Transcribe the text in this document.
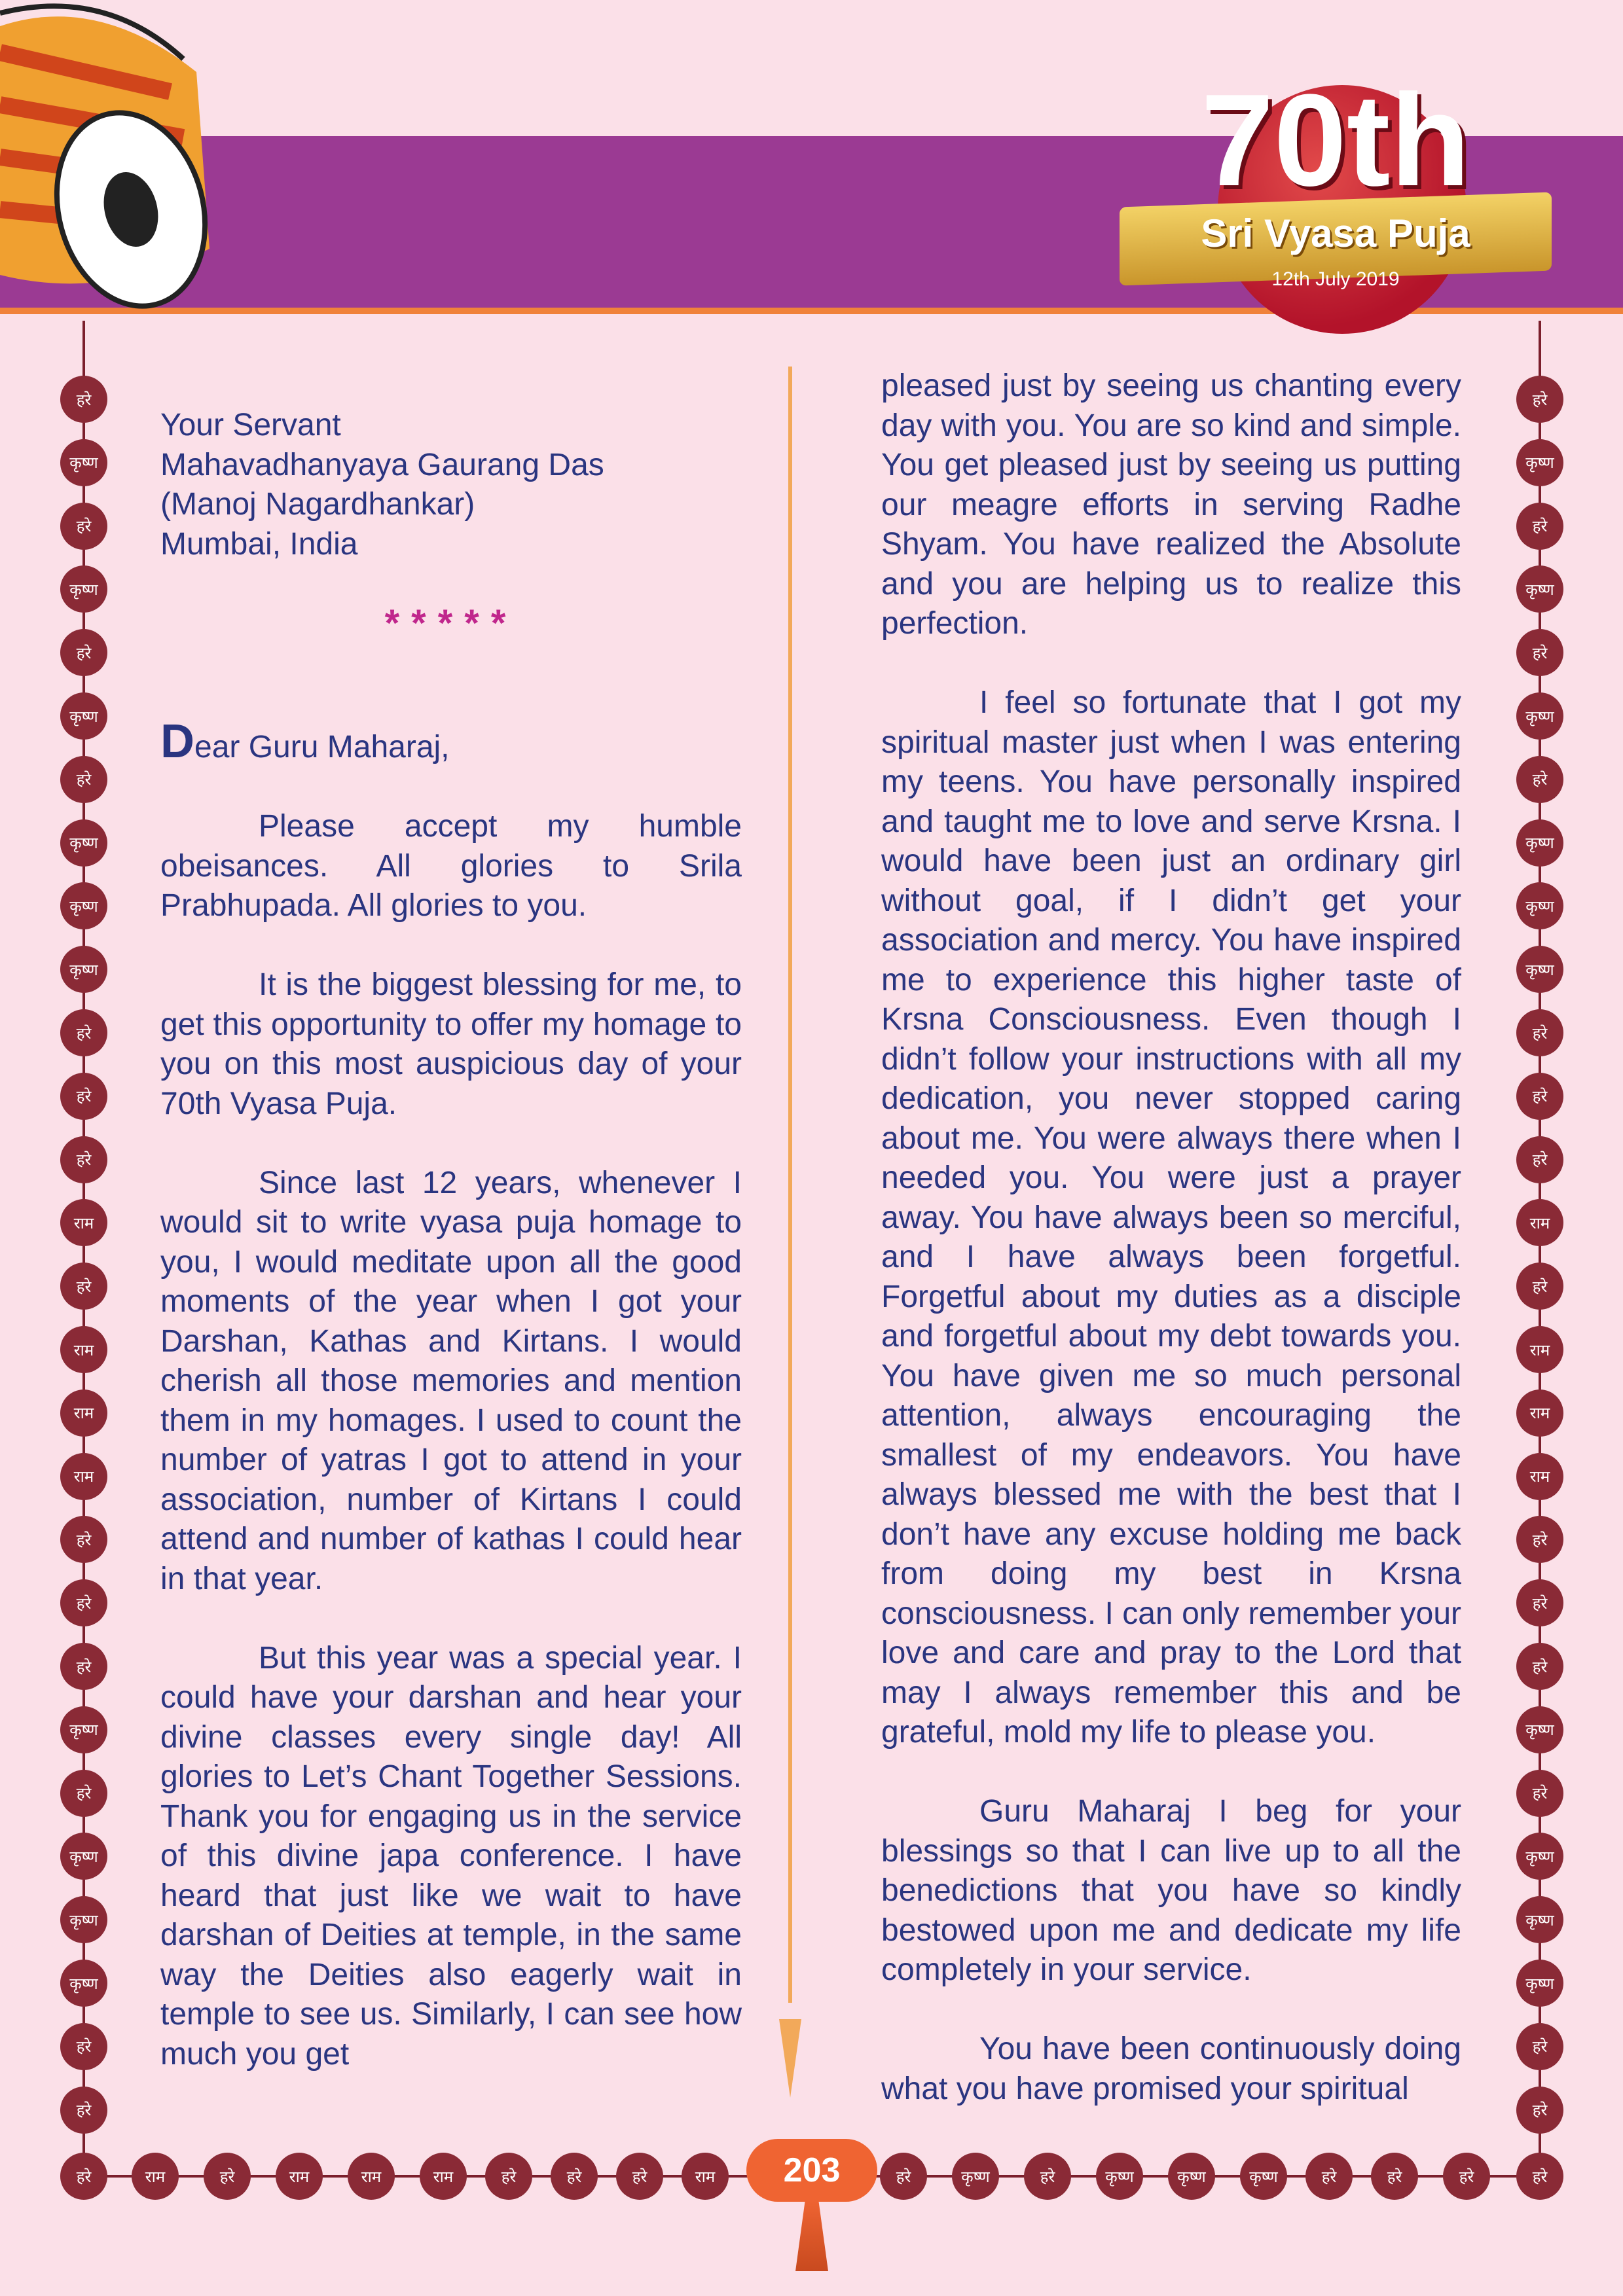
70th
Sri Vyasa Puja
12th July 2019
हरे
कृष्ण
हरे
कृष्ण
हरे
कृष्ण
हरे
कृष्ण
कृष्ण
कृष्ण
हरे
हरे
हरे
राम
हरे
राम
राम
राम
हरे
हरे
हरे
कृष्ण
हरे
कृष्ण
कृष्ण
कृष्ण
हरे
हरे
हरे
कृष्ण
हरे
कृष्ण
हरे
कृष्ण
हरे
कृष्ण
कृष्ण
कृष्ण
हरे
हरे
हरे
राम
हरे
राम
राम
राम
हरे
हरे
हरे
कृष्ण
हरे
कृष्ण
कृष्ण
कृष्ण
हरे
हरे
हरे	राम	हरे	राम	राम	राम	हरे	हरे	हरे	राम	हरे	कृष्ण	हरे	कृष्ण	कृष्ण	कृष्ण	हरे	हरे	हरे	हरे
203

Your Servant
Mahavadhanyaya Gaurang Das
(Manoj Nagardhankar)
Mumbai, India

*****

Dear Guru Maharaj,

Please accept my humble obeisances. All glories to Srila Prabhupada. All glories to you.

It is the biggest blessing for me, to get this opportunity to offer my homage to you on this most auspicious day of your 70th Vyasa Puja.

Since last 12 years, whenever I would sit to write vyasa puja homage to you, I would meditate upon all the good moments of the year when I got your Darshan, Kathas and Kirtans. I would cherish all those memories and mention them in my homages. I used to count the number of yatras I got to attend in your association, number of Kirtans I could attend and number of kathas I could hear in that year.

But this year was a special year. I could have your darshan and hear your divine classes every single day! All glories to Let’s Chant Together Sessions. Thank you for engaging us in the service of this divine japa conference. I have heard that just like we wait to have darshan of Deities at temple, in the same way the Deities also eagerly wait in temple to see us. Similarly, I can see how much you get

pleased just by seeing us chanting every day with you. You are so kind and simple. You get pleased just by seeing us putting our meagre efforts in serving Radhe Shyam. You have realized the Absolute and you are helping us to realize this perfection.

I feel so fortunate that I got my spiritual master just when I was entering my teens. You have personally inspired and taught me to love and serve Krsna. I would have been just an ordinary girl without goal, if I didn’t get your association and mercy. You have inspired me to experience this higher taste of Krsna Consciousness. Even though I didn’t follow your instructions with all my dedication, you never stopped caring about me. You were always there when I needed you. You were just a prayer away. You have always been so merciful, and I have always been forgetful. Forgetful about my duties as a disciple and forgetful about my debt towards you. You have given me so much personal attention, always encouraging the smallest of my endeavors. You have always blessed me with the best that I don’t have any excuse holding me back from doing my best in Krsna consciousness. I can only remember your love and care and pray to the Lord that may I always remember this and be grateful, mold my life to please you.

Guru Maharaj I beg for your blessings so that I can live up to all the benedictions that you have so kindly bestowed upon me and dedicate my life completely in your service.

You have been continuously doing what you have promised your spiritual
